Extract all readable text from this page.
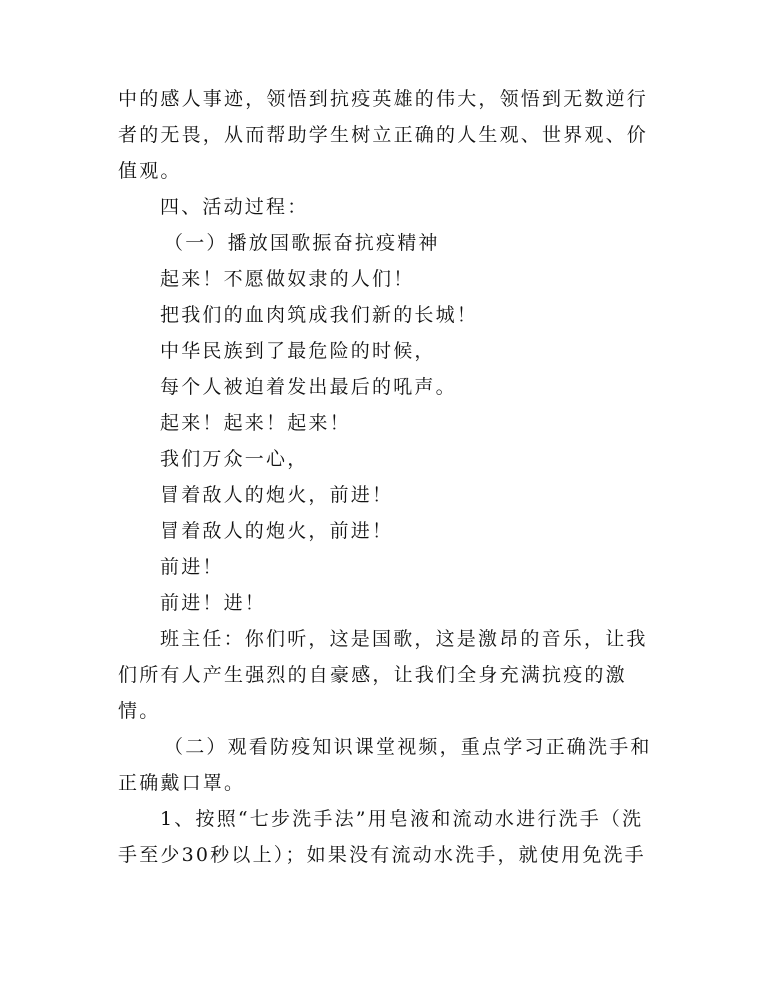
中的感人事迹，领悟到抗疫英雄的伟大，领悟到无数逆行
者的无畏，从而帮助学生树立正确的人生观、世界观、价
值观。
四、活动过程：
（一）播放国歌振奋抗疫精神
起来！不愿做奴隶的人们！
把我们的血肉筑成我们新的长城！
中华民族到了最危险的时候，
每个人被迫着发出最后的吼声。
起来！起来！起来！
我们万众一心，
冒着敌人的炮火，前进！
冒着敌人的炮火，前进！
前进！
前进！进！
班主任：你们听，这是国歌，这是激昂的音乐，让我
们所有人产生强烈的自豪感，让我们全身充满抗疫的激
情。
（二）观看防疫知识课堂视频，重点学习正确洗手和
正确戴口罩。
1、按照“七步洗手法”用皂液和流动水进行洗手（洗
手至少30秒以上）；如果没有流动水洗手，就使用免洗手
